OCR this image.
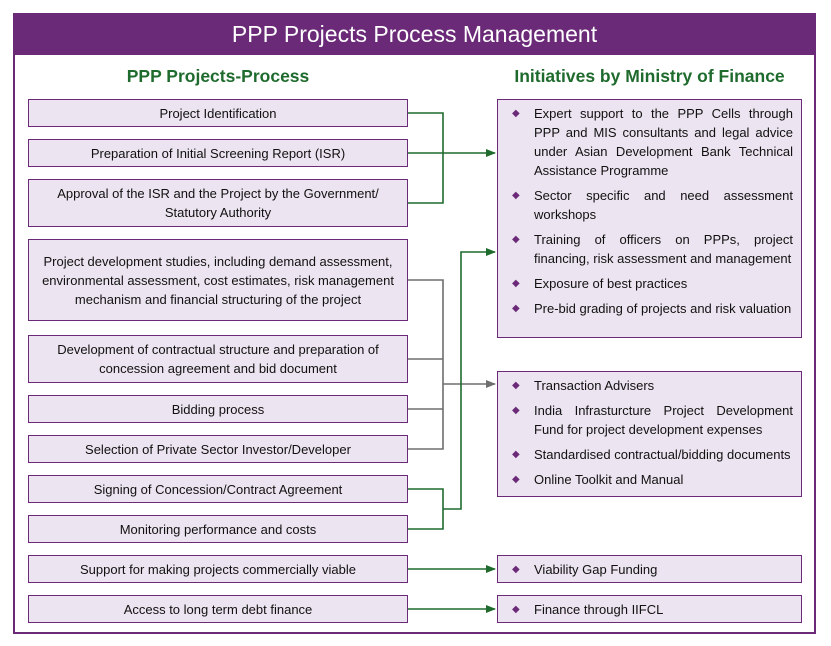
PPP Projects Process Management
PPP Projects-Process	Initiatives by Ministry of Finance
Project Identification
Preparation of Initial Screening Report (ISR)
Approval of the ISR and the Project by the Government/ Statutory Authority
Project development studies, including demand assessment, environmental assessment, cost estimates, risk management mechanism and financial structuring of the project
Development of contractual structure and preparation of concession agreement and bid document
Bidding process
Selection of Private Sector Investor/Developer
Signing of Concession/Contract Agreement
Monitoring performance and costs
Support for making projects commercially viable
Access to long term debt finance
◆ Expert support to the PPP Cells through PPP and MIS consultants and legal advice under Asian Development Bank Technical Assistance Programme
◆ Sector specific and need assessment workshops
◆ Training of officers on PPPs, project financing, risk assessment and management
◆ Exposure of best practices
◆ Pre-bid grading of projects and risk valuation
◆ Transaction Advisers
◆ India Infrasturcture Project Development Fund for project development expenses
◆ Standardised contractual/bidding documents
◆ Online Toolkit and Manual
◆ Viability Gap Funding
◆ Finance through IIFCL
